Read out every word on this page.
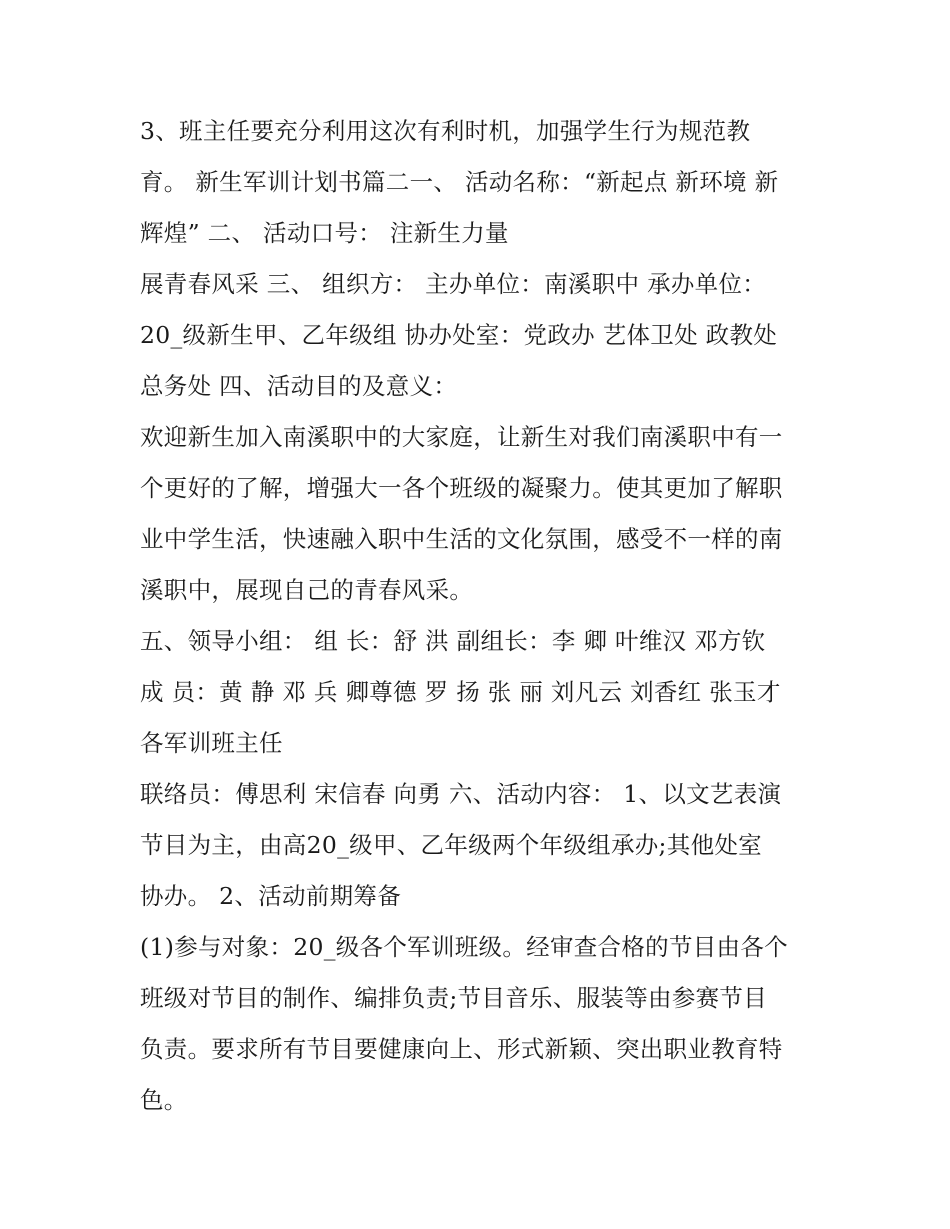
3、班主任要充分利用这次有利时机，加强学生行为规范教
育。 新生军训计划书篇二一、 活动名称：“新起点 新环境 新
辉煌” 二、 活动口号： 注新生力量
展青春风采 三、 组织方： 主办单位：南溪职中 承办单位：
20_级新生甲、乙年级组 协办处室：党政办 艺体卫处 政教处
总务处 四、活动目的及意义：
欢迎新生加入南溪职中的大家庭，让新生对我们南溪职中有一
个更好的了解，增强大一各个班级的凝聚力。使其更加了解职
业中学生活，快速融入职中生活的文化氛围，感受不一样的南
溪职中，展现自己的青春风采。
五、领导小组： 组 长：舒 洪 副组长：李 卿 叶维汉 邓方钦
成 员：黄 静 邓 兵 卿尊德 罗 扬 张 丽 刘凡云 刘香红 张玉才
各军训班主任
联络员：傅思利 宋信春 向勇 六、活动内容： 1、以文艺表演
节目为主，由高20_级甲、乙年级两个年级组承办;其他处室
协办。 2、活动前期筹备
(1)参与对象：20_级各个军训班级。经审查合格的节目由各个
班级对节目的制作、编排负责;节目音乐、服装等由参赛节目
负责。要求所有节目要健康向上、形式新颖、突出职业教育特
色。
